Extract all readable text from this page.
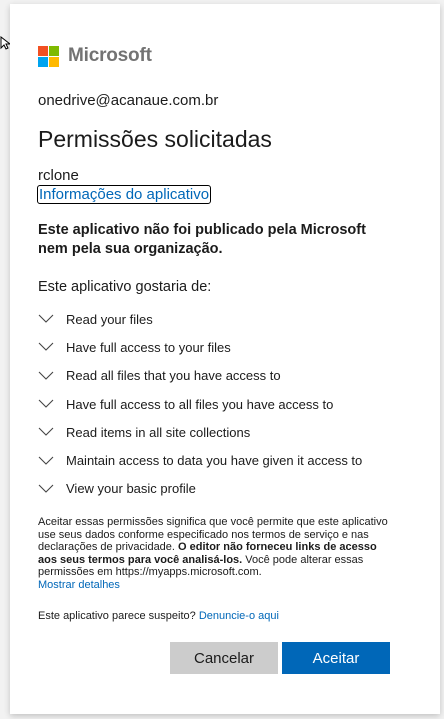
Microsoft
onedrive@acanaue.com.br
Permissões solicitadas
rclone
Informações do aplicativo
Este aplicativo não foi publicado pela Microsoft nem pela sua organização.
Este aplicativo gostaria de:
Read your files
Have full access to your files
Read all files that you have access to
Have full access to all files you have access to
Read items in all site collections
Maintain access to data you have given it access to
View your basic profile
Aceitar essas permissões significa que você permite que este aplicativo use seus dados conforme especificado nos termos de serviço e nas declarações de privacidade. O editor não forneceu links de acesso aos seus termos para você analisá-los. Você pode alterar essas permissões em https://myapps.microsoft.com.
Mostrar detalhes
Este aplicativo parece suspeito? Denuncie-o aqui
Cancelar	Aceitar
